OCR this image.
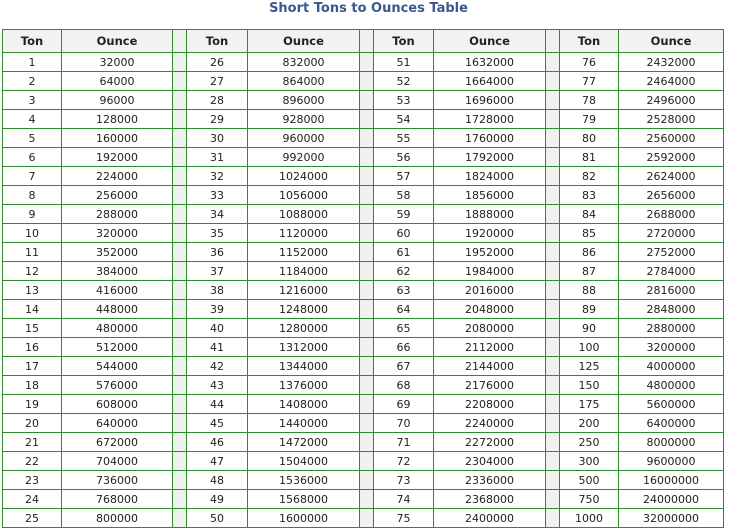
Short Tons to Ounces Table
Ton	Ounce		Ton	Ounce		Ton	Ounce		Ton	Ounce
1	32000		26	832000		51	1632000		76	2432000
2	64000		27	864000		52	1664000		77	2464000
3	96000		28	896000		53	1696000		78	2496000
4	128000		29	928000		54	1728000		79	2528000
5	160000		30	960000		55	1760000		80	2560000
6	192000		31	992000		56	1792000		81	2592000
7	224000		32	1024000		57	1824000		82	2624000
8	256000		33	1056000		58	1856000		83	2656000
9	288000		34	1088000		59	1888000		84	2688000
10	320000		35	1120000		60	1920000		85	2720000
11	352000		36	1152000		61	1952000		86	2752000
12	384000		37	1184000		62	1984000		87	2784000
13	416000		38	1216000		63	2016000		88	2816000
14	448000		39	1248000		64	2048000		89	2848000
15	480000		40	1280000		65	2080000		90	2880000
16	512000		41	1312000		66	2112000		100	3200000
17	544000		42	1344000		67	2144000		125	4000000
18	576000		43	1376000		68	2176000		150	4800000
19	608000		44	1408000		69	2208000		175	5600000
20	640000		45	1440000		70	2240000		200	6400000
21	672000		46	1472000		71	2272000		250	8000000
22	704000		47	1504000		72	2304000		300	9600000
23	736000		48	1536000		73	2336000		500	16000000
24	768000		49	1568000		74	2368000		750	24000000
25	800000		50	1600000		75	2400000		1000	32000000
